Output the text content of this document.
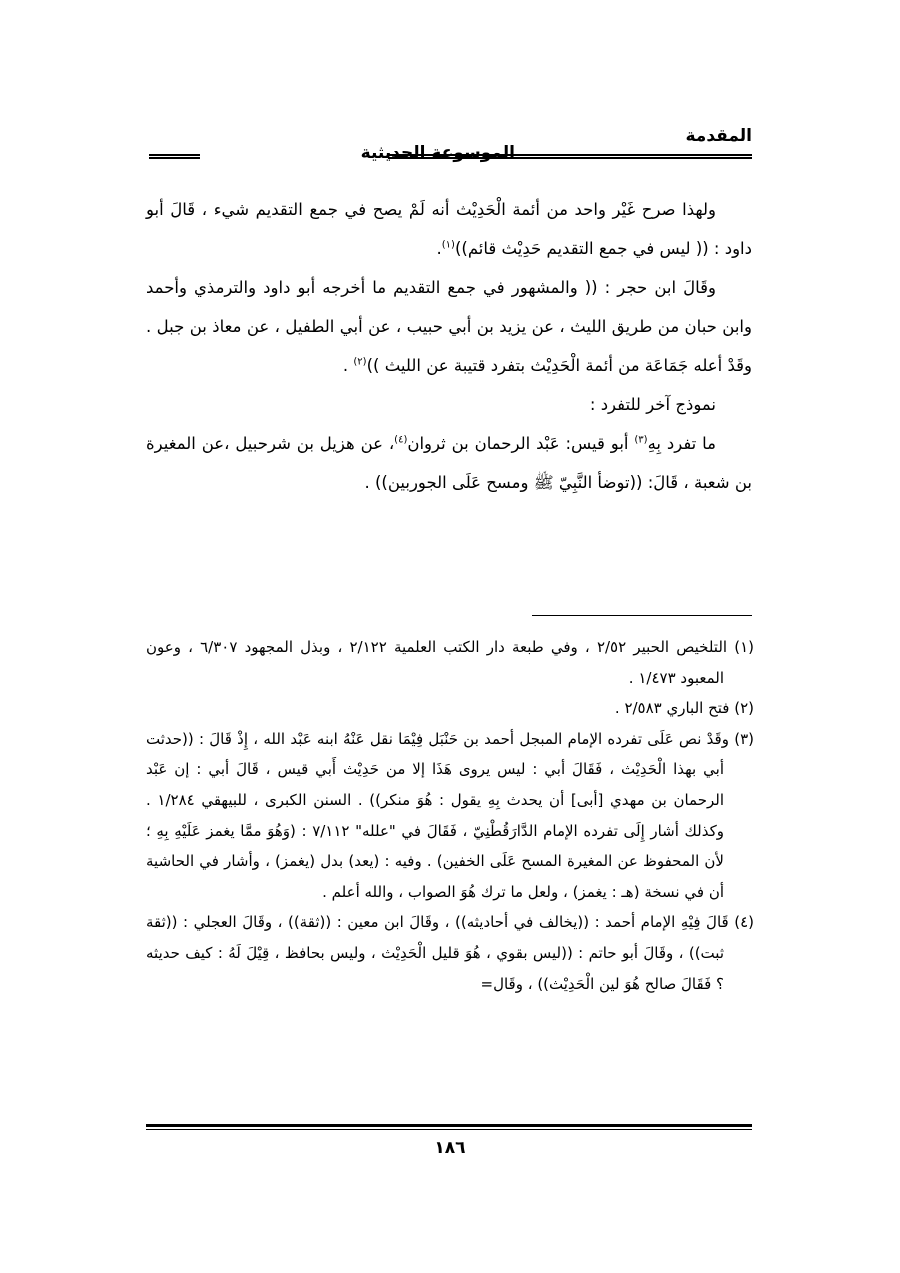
المقدمة
الموسوعة الحديثية

ولهذا صرح غَيْر واحد من أئمة الْحَدِيْث أنه لَمْ يصح في جمع التقديم شيء ، قَالَ أبو داود : (( ليس في جمع التقديم حَدِيْث قائم))$^{(١)}$.

وقَالَ ابن حجر : (( والمشهور في جمع التقديم ما أخرجه أبو داود والترمذي وأحمد وابن حبان من طريق الليث ، عن يزيد بن أبي حبيب ، عن أبي الطفيل ، عن معاذ بن جبل . وقَدْ أعله جَمَاعَة من أئمة الْحَدِيْث بتفرد قتيبة عن الليث ))$^{(٢)}$ .

نموذج آخر للتفرد :

ما تفرد بِهِ$^{(٣)}$ أبو قيس: عَبْد الرحمان بن ثروان$^{(٤)}$، عن هزيل بن شرحبيل ،عن المغيرة بن شعبة ، قَالَ: ((توضأ النَّبِيّ ﷺ ومسح عَلَى الجوربين)) .

(١) التلخيص الحبير ٢/٥٢ ، وفي طبعة دار الكتب العلمية ٢/١٢٢ ، وبذل المجهود ٦/٣٠٧ ، وعون المعبود ١/٤٧٣ .

(٢) فتح الباري ٢/٥٨٣ .

(٣) وقَدْ نص عَلَى تفرده الإمام المبجل أحمد بن حَنْبَل فِيْمَا نقل عَنْهُ ابنه عَبْد الله ، إِذْ قَالَ : ((حدثت أبي بهذا الْحَدِيْث ، فَقَالَ أبي : ليس يروى هَذَا إلا من حَدِيْث أَبي قيس ، قَالَ أبي : إن عَبْد الرحمان بن مهدي [أبى] أن يحدث بِهِ يقول : هُوَ منكر)) . السنن الكبرى ، للبيهقي ١/٢٨٤ . وكذلك أشار إِلَى تفرده الإمام الدَّارَقُطْنِيّ ، فَقَالَ في "علله" ٧/١١٢ : (وَهُوَ ممَّا يغمز عَلَيْهِ بِهِ ؛ لأن المحفوظ عن المغيرة المسح عَلَى الخفين) . وفيه : (يعد) بدل (يغمز) ، وأشار في الحاشية أن في نسخة (هـ : يغمز) ، ولعل ما ترك هُوَ الصواب ، والله أعلم .

(٤) قَالَ فِيْهِ الإمام أحمد : ((يخالف في أحاديثه)) ، وقَالَ ابن معين : ((ثقة)) ، وقَالَ العجلي : ((ثقة ثبت)) ، وقَالَ أبو حاتم : ((ليس بقوي ، هُوَ قليل الْحَدِيْث ، وليس بحافظ ، قِيْلَ لَهُ : كيف حديثه ؟ فَقَالَ صالح هُوَ لين الْحَدِيْث)) ، وقَال=

١٨٦
